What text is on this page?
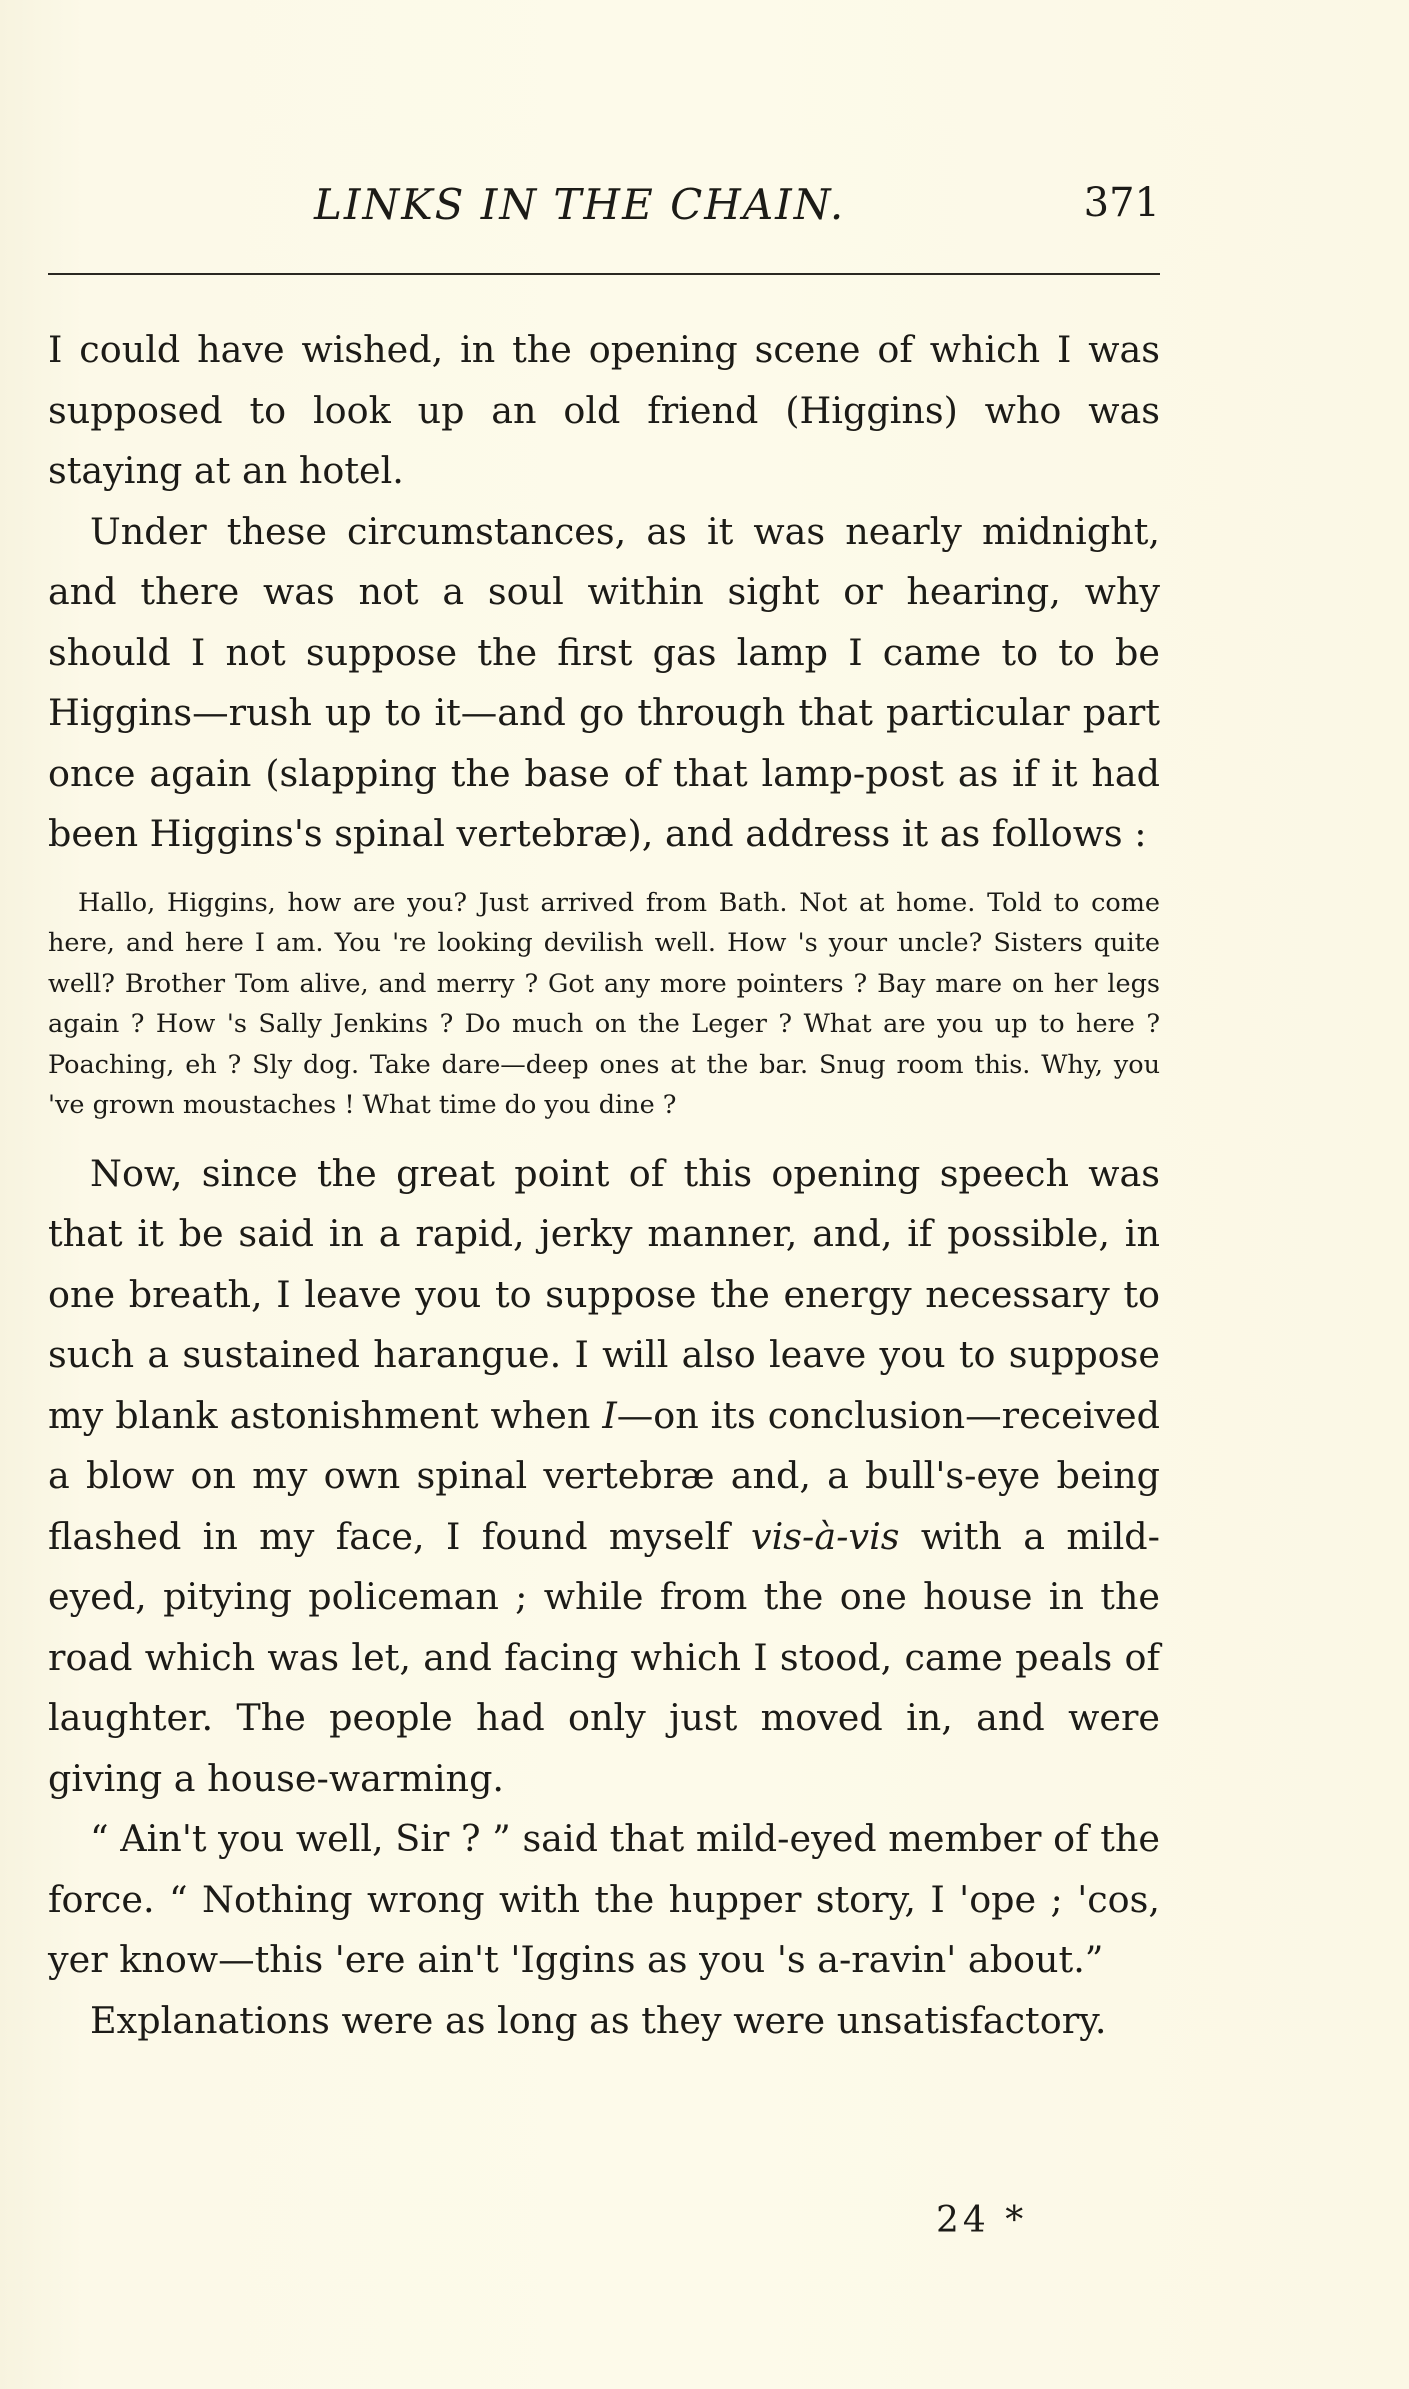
LINKS IN THE CHAIN.	371

I could have wished, in the opening scene of which I was supposed to look up an old friend (Higgins) who was staying at an hotel.

Under these circumstances, as it was nearly midnight, and there was not a soul within sight or hearing, why should I not suppose the first gas lamp I came to to be Higgins—rush up to it—and go through that particular part once again (slapping the base of that lamp-post as if it had been Higgins's spinal vertebræ), and address it as follows :

Hallo, Higgins, how are you? Just arrived from Bath. Not at home. Told to come here, and here I am. You 're looking devilish well. How 's your uncle? Sisters quite well? Brother Tom alive, and merry ? Got any more pointers ? Bay mare on her legs again ? How 's Sally Jenkins ? Do much on the Leger ? What are you up to here ? Poaching, eh ? Sly dog. Take dare—deep ones at the bar. Snug room this. Why, you 've grown moustaches ! What time do you dine ?

Now, since the great point of this opening speech was that it be said in a rapid, jerky manner, and, if possible, in one breath, I leave you to suppose the energy necessary to such a sustained harangue. I will also leave you to suppose my blank astonishment when I—on its conclusion—received a blow on my own spinal vertebræ and, a bull's-eye being flashed in my face, I found myself vis-à-vis with a mild-eyed, pitying policeman ; while from the one house in the road which was let, and facing which I stood, came peals of laughter. The people had only just moved in, and were giving a house-warming.

“ Ain't you well, Sir ? ” said that mild-eyed member of the force. “ Nothing wrong with the hupper story, I 'ope ; 'cos, yer know—this 'ere ain't 'Iggins as you 's a-ravin' about.”

Explanations were as long as they were unsatisfactory.

24 *
